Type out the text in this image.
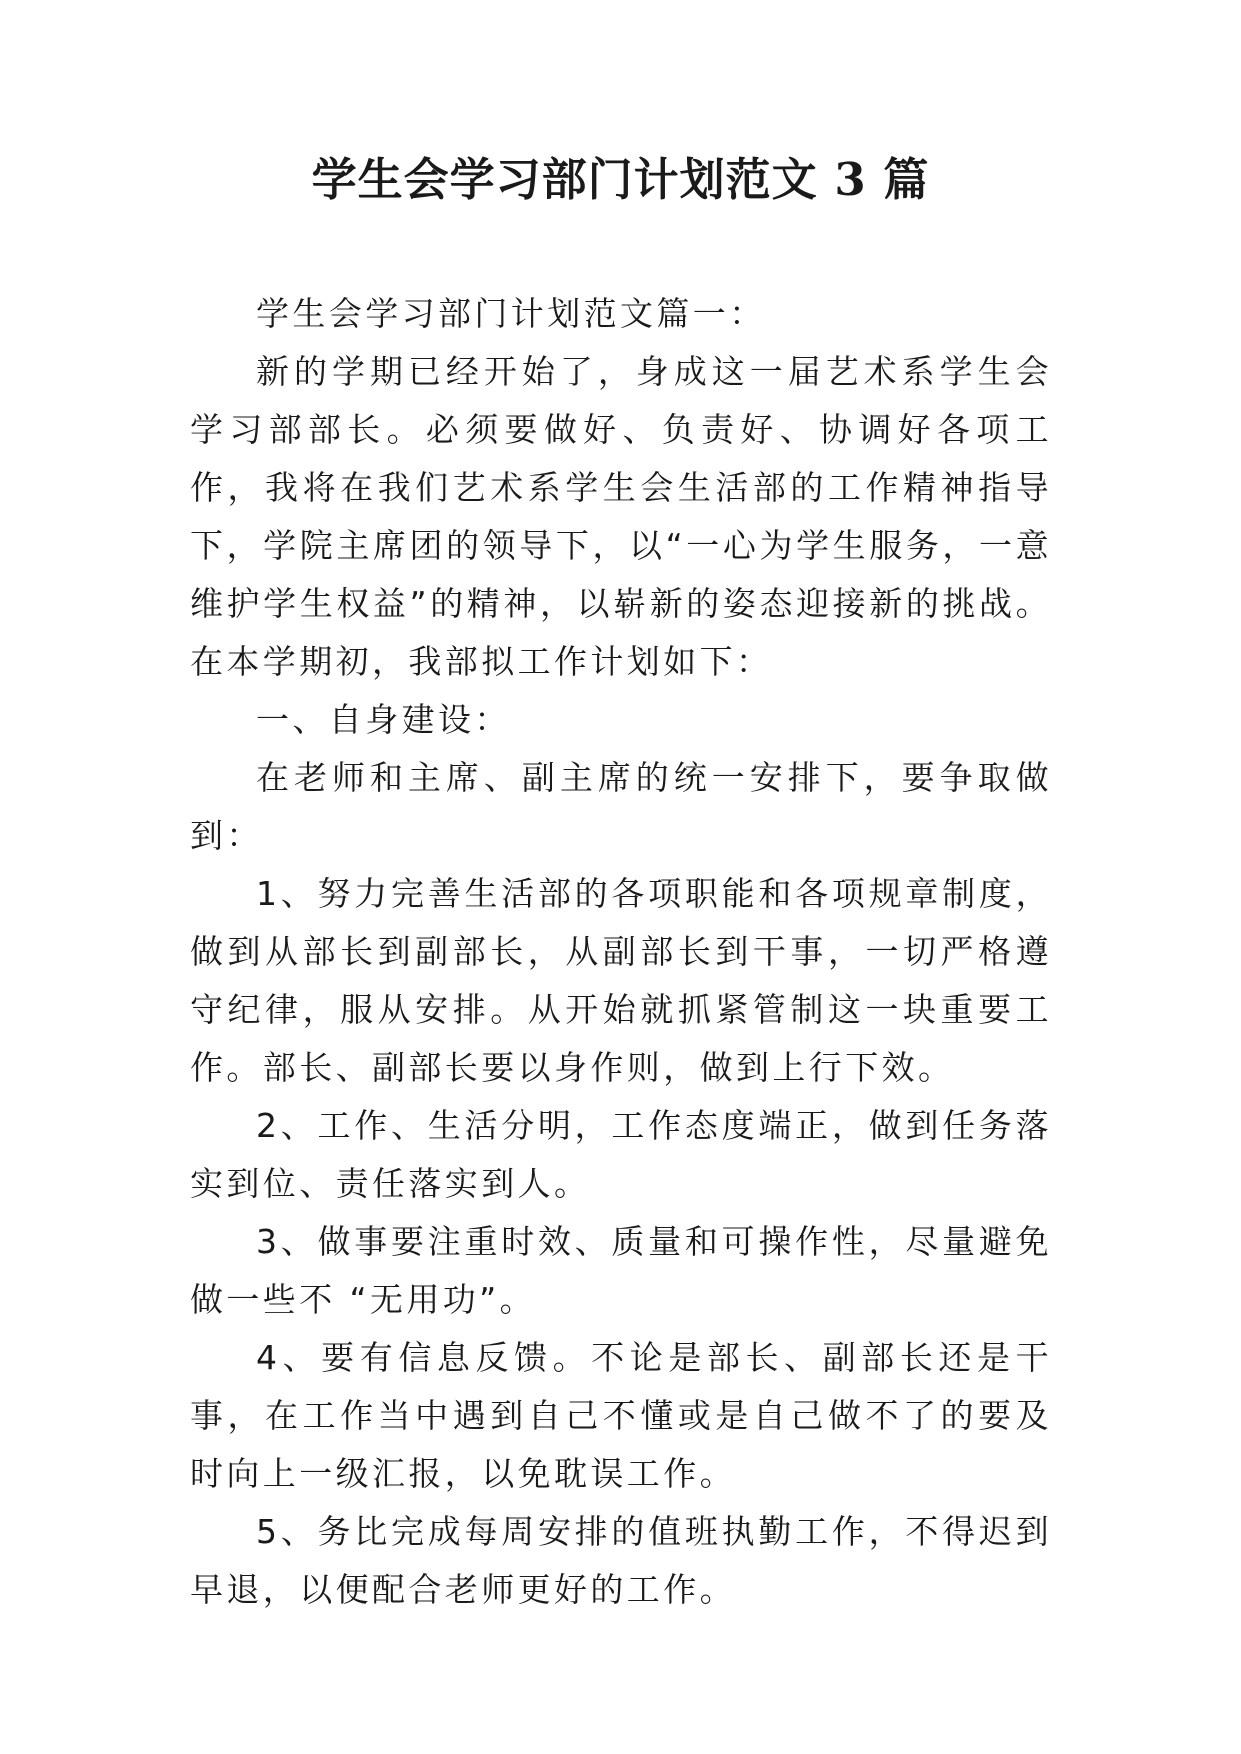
学生会学习部门计划范文 3 篇

学生会学习部门计划范文篇一：

新的学期已经开始了，身成这一届艺术系学生会学习部部长。必须要做好、负责好、协调好各项工作，我将在我们艺术系学生会生活部的工作精神指导下，学院主席团的领导下，以“一心为学生服务，一意维护学生权益”的精神，以崭新的姿态迎接新的挑战。在本学期初，我部拟工作计划如下：

一、自身建设：

在老师和主席、副主席的统一安排下，要争取做到：

1、努力完善生活部的各项职能和各项规章制度，做到从部长到副部长，从副部长到干事，一切严格遵守纪律，服从安排。从开始就抓紧管制这一块重要工作。部长、副部长要以身作则，做到上行下效。

2、工作、生活分明，工作态度端正，做到任务落实到位、责任落实到人。

3、做事要注重时效、质量和可操作性，尽量避免做一些不 “无用功”。

4、要有信息反馈。不论是部长、副部长还是干事，在工作当中遇到自己不懂或是自己做不了的要及时向上一级汇报，以免耽误工作。

5、务比完成每周安排的值班执勤工作，不得迟到早退，以便配合老师更好的工作。
